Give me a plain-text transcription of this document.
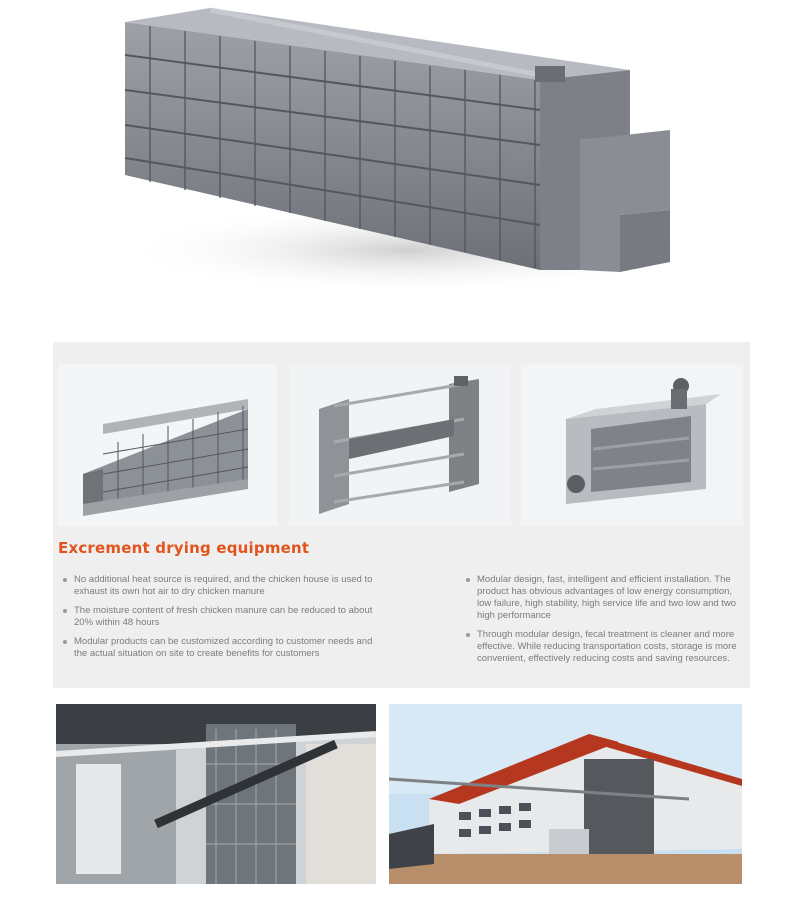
Excrement drying equipment
No additional heat source is required, and the chicken house is used to exhaust its own hot air to dry chicken manure
The moisture content of fresh chicken manure can be reduced to about 20% within 48 hours
Modular products can be customized according to customer needs and the actual situation on site to create benefits for customers
Modular design, fast, intelligent and efficient installation. The product has obvious advantages of low energy consumption, low failure, high stability, high service life and two low and two high performance
Through modular design, fecal treatment is cleaner and more effective. While reducing transportation costs, storage is more convenient, effectively reducing costs and saving resources.
